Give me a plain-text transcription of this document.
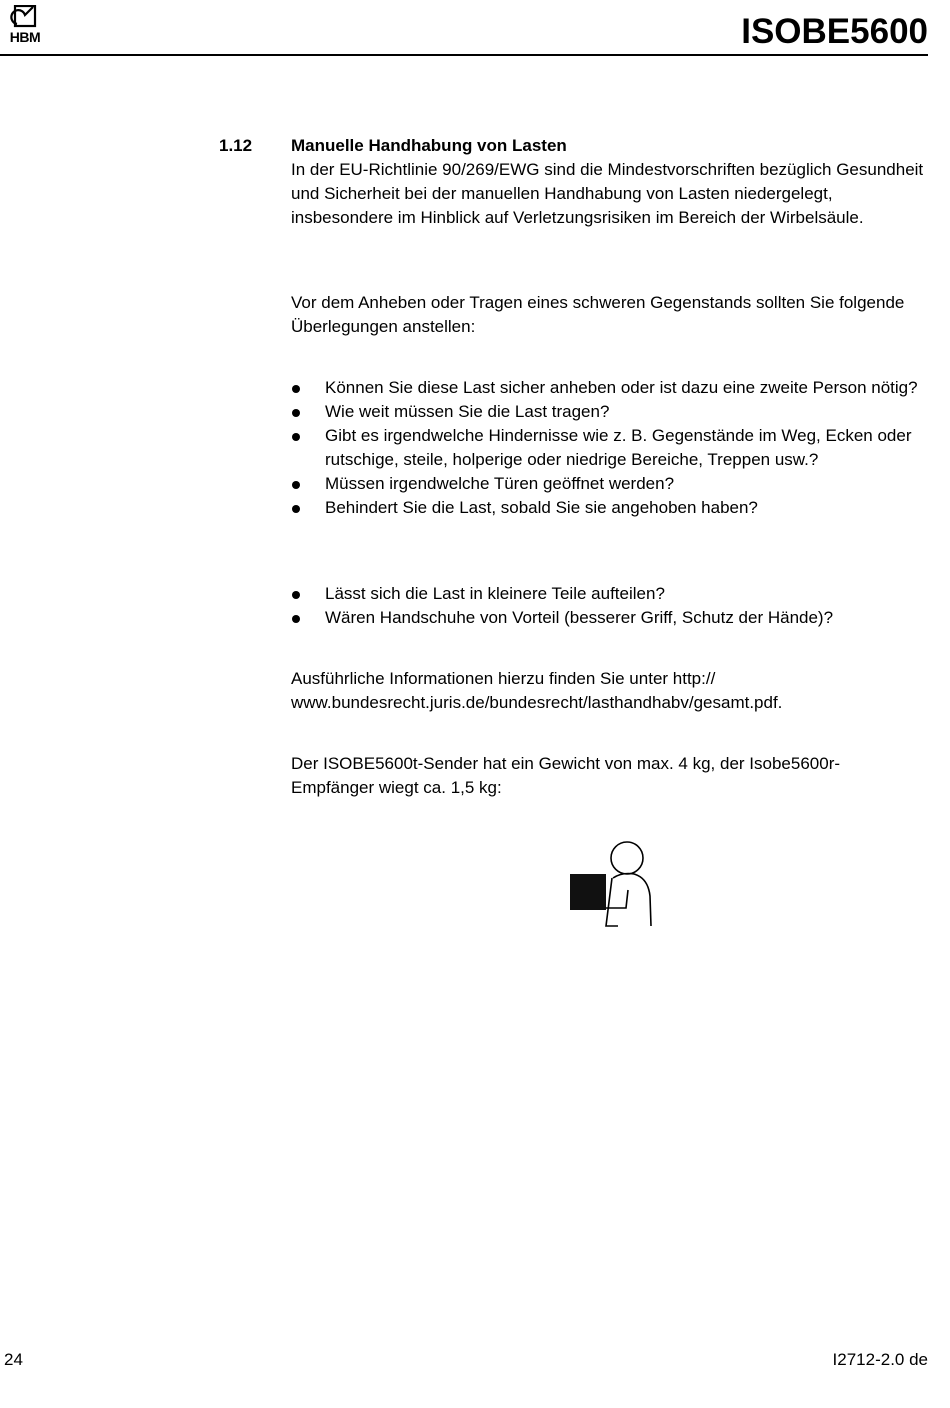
HBM	ISOBE5600
1.12 Manuelle Handhabung von Lasten
In der EU-Richtlinie 90/269/EWG sind die Mindestvorschriften bezüglich Gesundheit und Sicherheit bei der manuellen Handhabung von Lasten niedergelegt, insbesondere im Hinblick auf Verletzungsrisiken im Bereich der Wirbelsäule.

Vor dem Anheben oder Tragen eines schweren Gegenstands sollten Sie folgende Überlegungen anstellen:

Können Sie diese Last sicher anheben oder ist dazu eine zweite Person nötig?
Wie weit müssen Sie die Last tragen?
Gibt es irgendwelche Hindernisse wie z. B. Gegenstände im Weg, Ecken oder rutschige, steile, holperige oder niedrige Bereiche, Treppen usw.?
Müssen irgendwelche Türen geöffnet werden?
Behindert Sie die Last, sobald Sie sie angehoben haben?
Lässt sich die Last in kleinere Teile aufteilen?
Wären Handschuhe von Vorteil (besserer Griff, Schutz der Hände)?

Ausführliche Informationen hierzu finden Sie unter http:// www.bundesrecht.juris.de/bundesrecht/lasthandhabv/gesamt.pdf.

Der ISOBE5600t-Sender hat ein Gewicht von max. 4 kg, der Isobe5600r-Empfänger wiegt ca. 1,5 kg:

24	I2712-2.0 de
